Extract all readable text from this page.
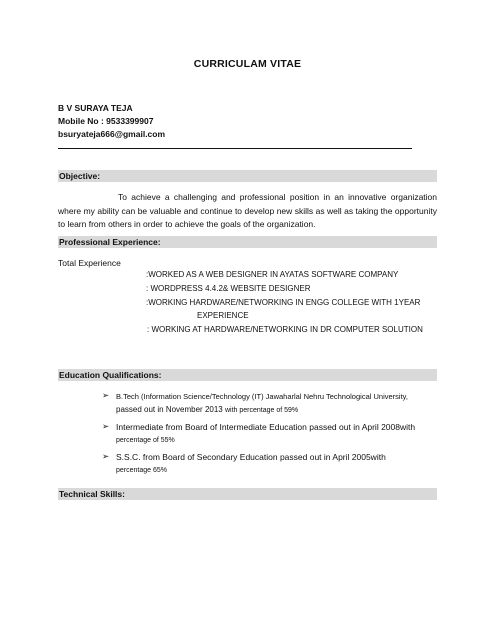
CURRICULAM VITAE
B V SURAYA TEJA
Mobile No : 9533399907
bsuryateja666@gmail.com
Objective:
To achieve a challenging and professional position in an innovative organization where my ability can be valuable and continue to develop new skills as well as taking the opportunity to learn from others in order to achieve the goals of the organization.
Professional Experience:
Total Experience
:WORKED AS A WEB DESIGNER IN AYATAS SOFTWARE COMPANY
: WORDPRESS 4.4.2& WEBSITE DESIGNER
:WORKING HARDWARE/NETWORKING IN ENGG COLLEGE WITH 1YEAR
EXPERIENCE
: WORKING AT HARDWARE/NETWORKING IN DR COMPUTER SOLUTION
Education Qualifications:
➢ B.Tech (Information Science/Technology (IT) Jawaharlal Nehru Technological University,
passed out in November 2013 with percentage of 59%
➢ Intermediate from Board of Intermediate Education passed out in April 2008with
percentage of 55%
➢ S.S.C. from Board of Secondary Education passed out in April 2005with
percentage 65%
Technical Skills:
